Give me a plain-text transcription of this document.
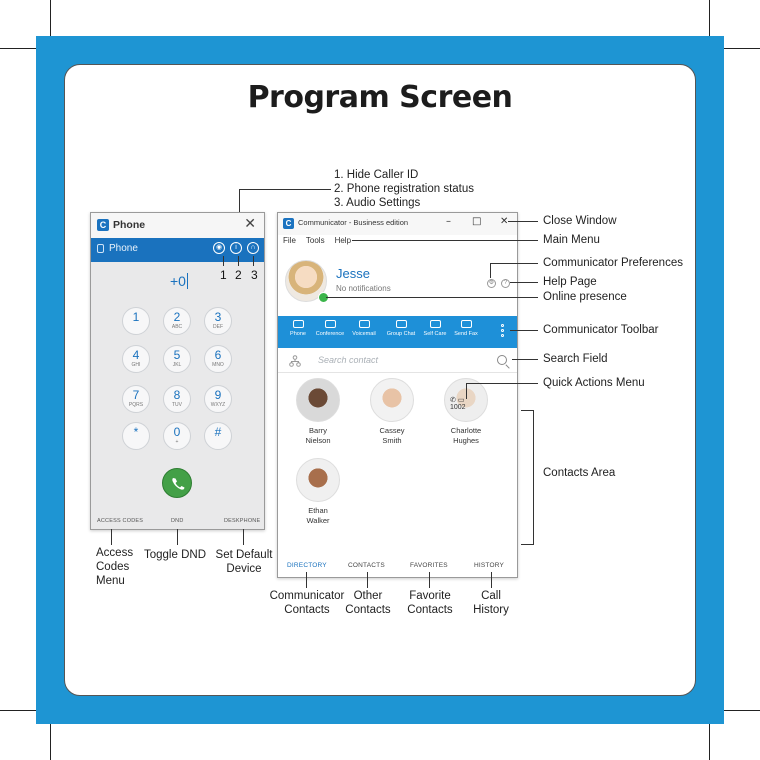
Program Screen
1. Hide Caller ID
2. Phone registration status
3. Audio Settings
C Phone	✕
Phone	◉	i	∩
1 2 3
+0
1	2
ABC
3
DEF
4
GHI
5
JKL
6
MNO
7
PQRS
8
TUV
9
WXYZ
*	0
+
#
ACCESS CODES	DND	DESKPHONE
Access Codes Menu
Toggle DND Set Default Device
C Communicator - Business edition	– □ ✕
File Tools Help
Jesse
No notifications
⚙	?
Phone	Conference	Voicemail	Group Chat	Self Care	Send Fax
Search contact
Barry
Nielson
Cassey
Smith
Charlotte
Hughes
✆ ▭
1002
Ethan
Walker
DIRECTORY	CONTACTS	FAVORITES	HISTORY
Close Window
Main Menu
Communicator Preferences
Help Page
Online presence
Communicator Toolbar
Search Field
Quick Actions Menu
Contacts Area
Communicator Contacts
Other Contacts
Favorite Contacts
Call History
